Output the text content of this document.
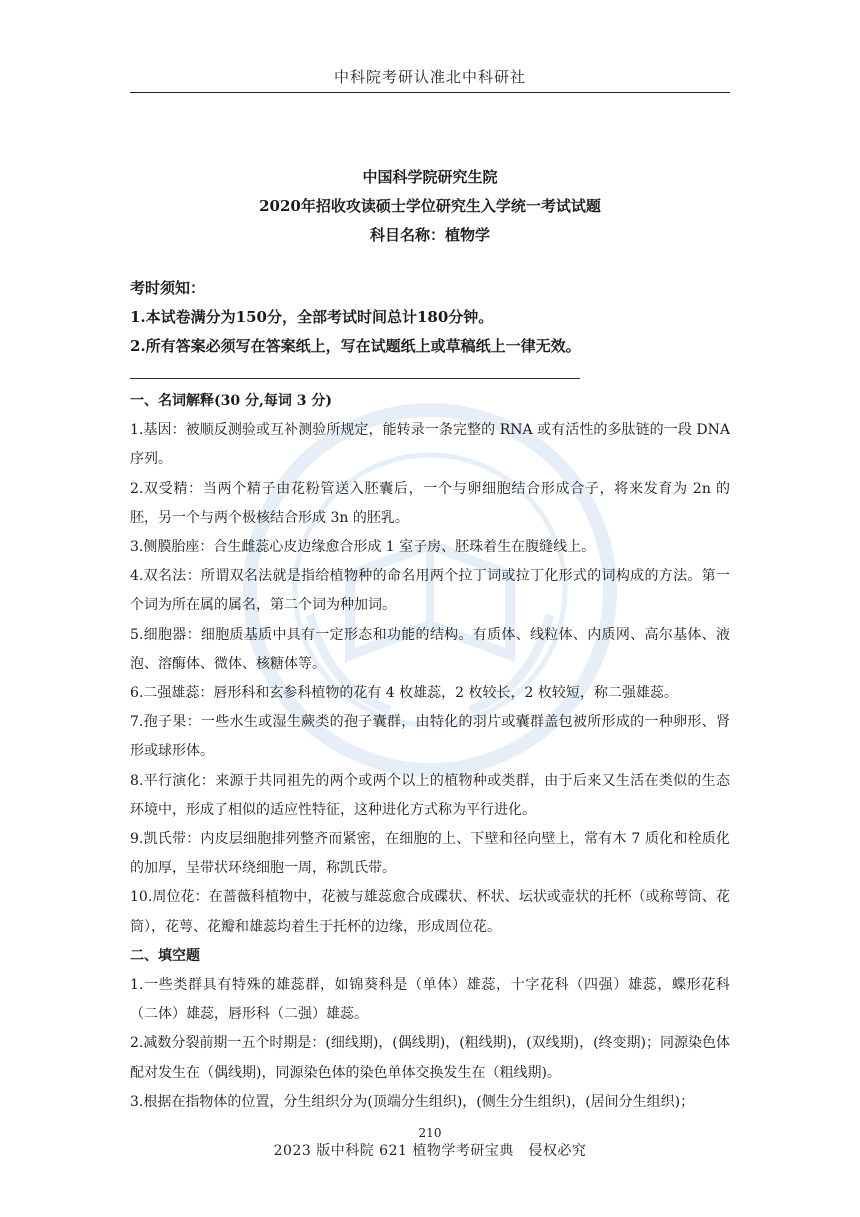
中科院考研认准北中科研社
中国科学院研究生院
2020年招收攻读硕士学位研究生入学统一考试试题
科目名称：植物学
考时须知：
1.本试卷满分为150分，全部考试时间总计180分钟。
2.所有答案必须写在答案纸上，写在试题纸上或草稿纸上一律无效。

一、名词解释(30 分,每词 3 分)

1.基因：被顺反测验或互补测验所规定，能转录一条完整的 RNA 或有活性的多肽链的一段 DNA 序列。

2.双受精：当两个精子由花粉管送入胚囊后，一个与卵细胞结合形成合子，将来发育为 2n 的胚，另一个与两个极核结合形成 3n 的胚乳。

3.侧膜胎座：合生雌蕊心皮边缘愈合形成 1 室子房、胚珠着生在腹缝线上。

4.双名法：所谓双名法就是指给植物种的命名用两个拉丁词或拉丁化形式的词构成的方法。第一个词为所在属的属名，第二个词为种加词。

5.细胞器：细胞质基质中具有一定形态和功能的结构。有质体、线粒体、内质网、高尔基体、液泡、溶酶体、微体、核糖体等。

6.二强雄蕊：唇形科和玄参科植物的花有 4 枚雄蕊，2 枚较长，2 枚较短，称二强雄蕊。

7.孢子果：一些水生或湿生蕨类的孢子囊群，由特化的羽片或囊群盖包被所形成的一种卵形、肾形或球形体。

8.平行演化：来源于共同祖先的两个或两个以上的植物种或类群，由于后来又生活在类似的生态环境中，形成了相似的适应性特征，这种进化方式称为平行进化。

9.凯氏带：内皮层细胞排列整齐而紧密，在细胞的上、下壁和径向壁上，常有木 7 质化和栓质化的加厚，呈带状环绕细胞一周，称凯氏带。

10.周位花：在蔷薇科植物中，花被与雄蕊愈合成碟状、杯状、坛状或壶状的托杯（或称萼筒、花筒），花萼、花瓣和雄蕊均着生于托杯的边缘，形成周位花。

二、填空题

1.一些类群具有特殊的雄蕊群，如锦葵科是（单体）雄蕊，十字花科（四强）雄蕊，蝶形花科（二体）雄蕊，唇形科（二强）雄蕊。

2.减数分裂前期一五个时期是：(细线期)，(偶线期)，(粗线期)，(双线期)，(终变期)；同源染色体配对发生在（偶线期)，同源染色体的染色单体交换发生在（粗线期)。

3.根据在指物体的位置，分生组织分为(顶端分生组织)，(侧生分生组织)，(居间分生组织)；

210
2023 版中科院 621 植物学考研宝典　侵权必究
